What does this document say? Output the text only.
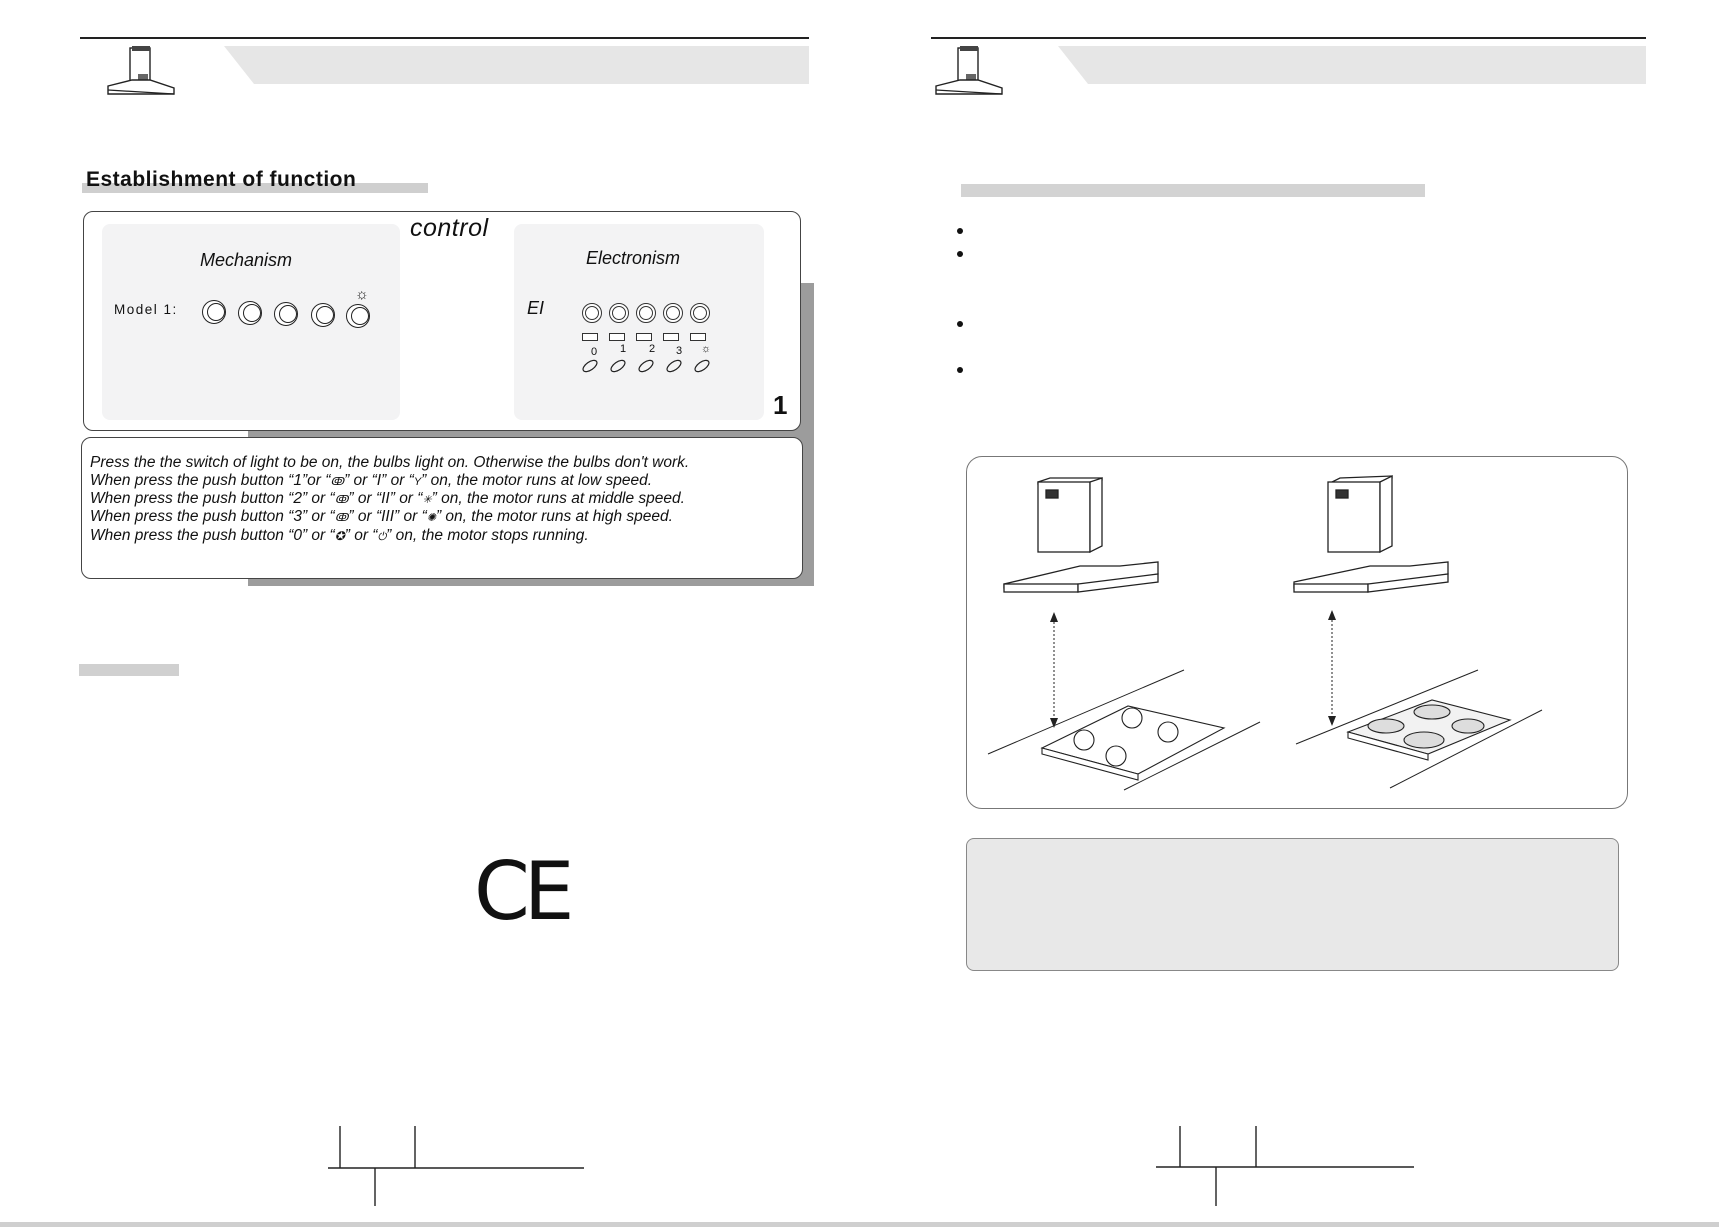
Establishment of function
control
Mechanism
Model 1:
☼
Electronism
EI
0 1 2 3 ☼
1
Press the the switch of light to be on, the bulbs light on. Otherwise the bulbs don't work.
When press the push button “1”or “ↂ” or “I” or “Y” on, the motor runs at low speed.
When press the push button “2” or “ↂ” or “II” or “✳” on, the motor runs at middle speed.
When press the push button “3” or “ↂ” or “III” or “✺” on, the motor runs at high speed.
When press the push button “0” or “✪” or “⏻” on, the motor stops running.
CE
